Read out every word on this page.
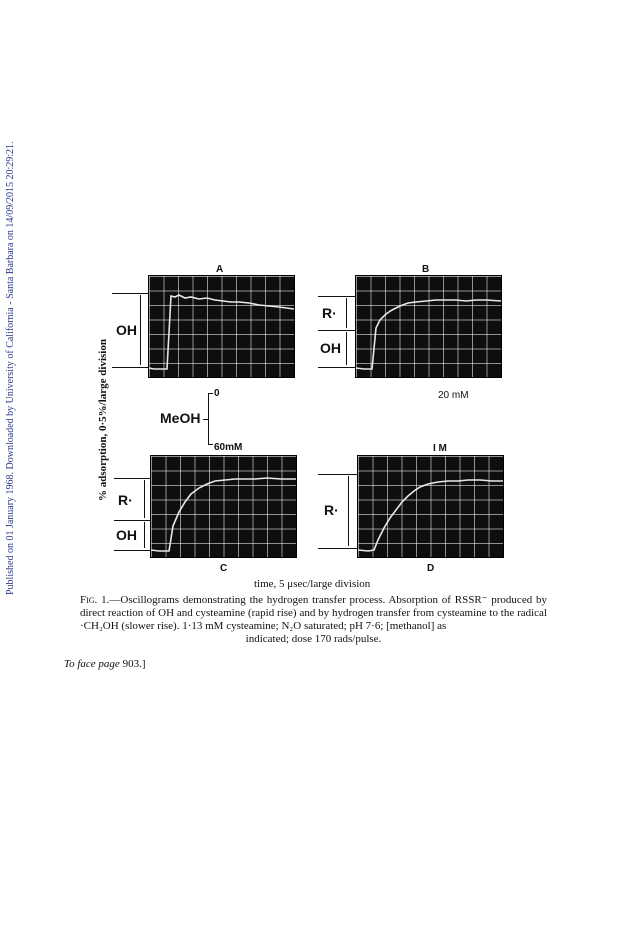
Published on 01 January 1968. Downloaded by University of California - Santa Barbara on 14/09/2015 20:29:21.	A
OH
B
R·
OH
20 mM
0
MeOH
60mM
C
R·
OH
I M
D
R·
% adsorption, 0·5%/large division
time, 5 μsec/large division
Fig. 1.—Oscillograms demonstrating the hydrogen transfer process. Absorption of RSSR⁻ produced by direct reaction of OH and cysteamine (rapid rise) and by hydrogen transfer from cysteamine to the radical ·CH₂OH (slower rise). 1·13 mM cysteamine; N₂O saturated; pH 7·6; [methanol] as
indicated; dose 170 rads/pulse.
To face page 903.]
